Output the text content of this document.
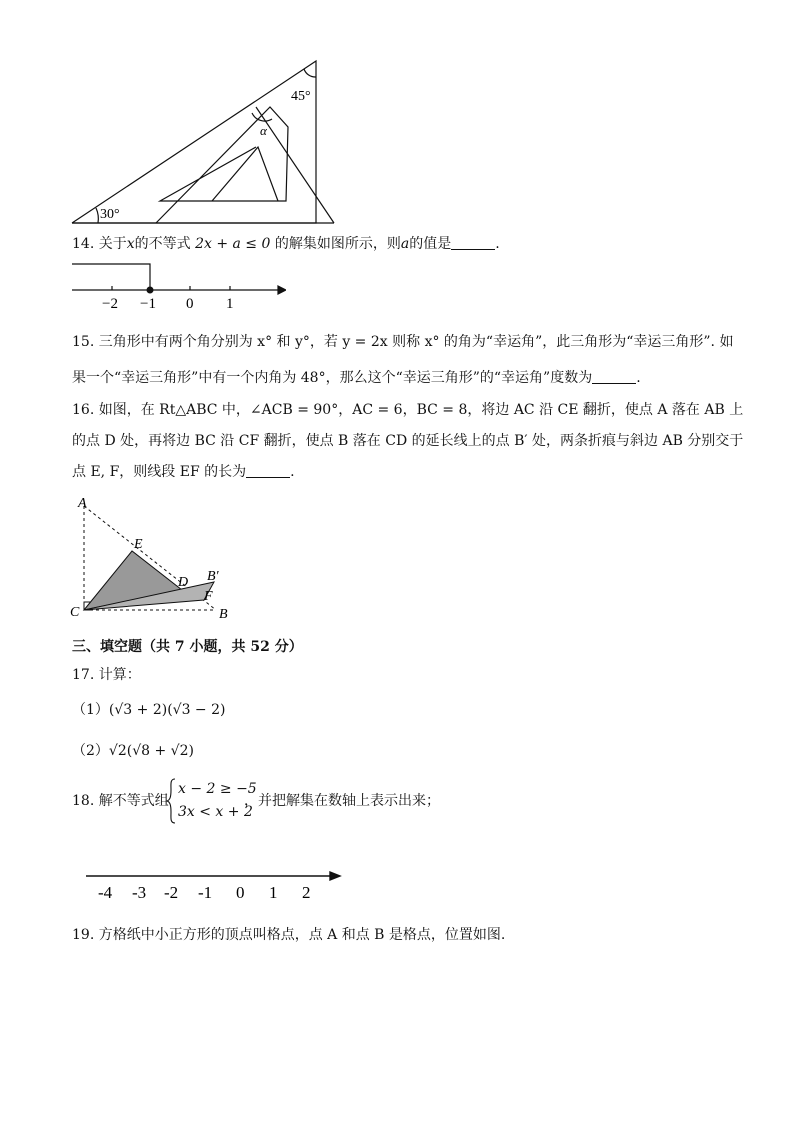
45°
α
30°
14. 关于x的不等式 2x + a ≤ 0 的解集如图所示，则a的值是	.
−2 −1 0 1
15. 三角形中有两个角分别为 x° 和 y°，若 y = 2x 则称 x° 的角为“幸运角”，此三角形为“幸运三角形”. 如
果一个“幸运三角形”中有一个内角为 48°，那么这个“幸运三角形”的“幸运角”度数为	.
16. 如图，在 Rt△ABC 中，∠ACB = 90°，AC = 6，BC = 8，将边 AC 沿 CE 翻折，使点 A 落在 AB 上
的点 D 处，再将边 BC 沿 CF 翻折，使点 B 落在 CD 的延长线上的点 B′ 处，两条折痕与斜边 AB 分别交于
点 E, F，则线段 EF 的长为	.
A
E
D B′
F
C	B
三、填空题（共 7 小题，共 52 分）
17. 计算：
（1）(√3 + 2)(√3 − 2)
（2）√2(√8 + √2)
18. 解不等式组
x − 2 ≥ −5
3x < x + 2
，并把解集在数轴上表示出来；
-4 -3 -2 -1 0 1 2
19. 方格纸中小正方形的顶点叫格点，点 A 和点 B 是格点，位置如图.
